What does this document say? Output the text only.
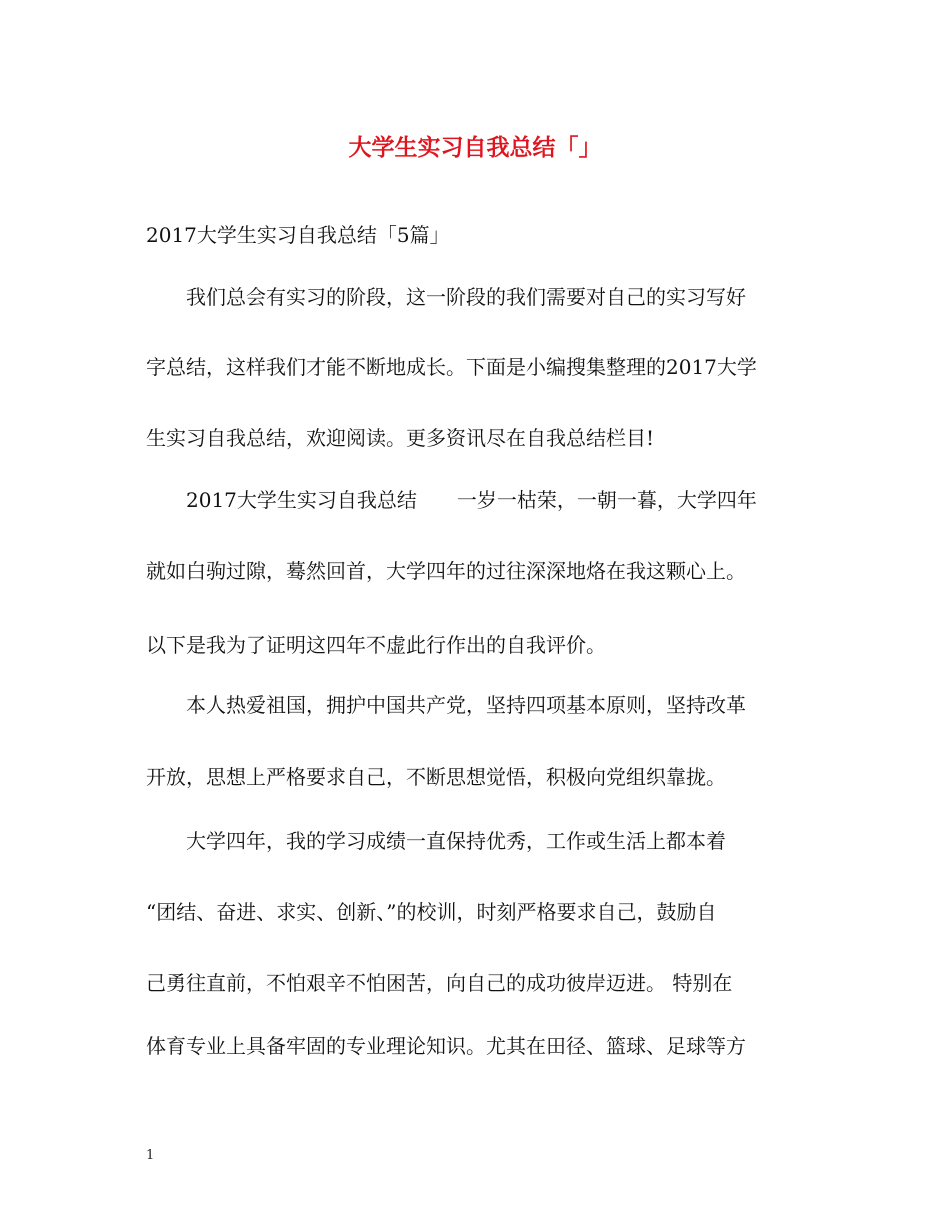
大学生实习自我总结「」
2017大学生实习自我总结「5篇」
　　我们总会有实习的阶段，这一阶段的我们需要对自己的实习写好
字总结，这样我们才能不断地成长。下面是小编搜集整理的2017大学
生实习自我总结，欢迎阅读。更多资讯尽在自我总结栏目!
　　2017大学生实习自我总结　　一岁一枯荣，一朝一暮，大学四年
就如白驹过隙，蓦然回首，大学四年的过往深深地烙在我这颗心上。
以下是我为了证明这四年不虚此行作出的自我评价。
　　本人热爱祖国，拥护中国共产党，坚持四项基本原则，坚持改革
开放，思想上严格要求自己，不断思想觉悟，积极向党组织靠拢。
　　大学四年，我的学习成绩一直保持优秀，工作或生活上都本着
“团结、奋进、求实、创新、”的校训，时刻严格要求自己，鼓励自
己勇往直前，不怕艰辛不怕困苦，向自己的成功彼岸迈进。 特别在
体育专业上具备牢固的专业理论知识。尤其在田径、篮球、足球等方
1
